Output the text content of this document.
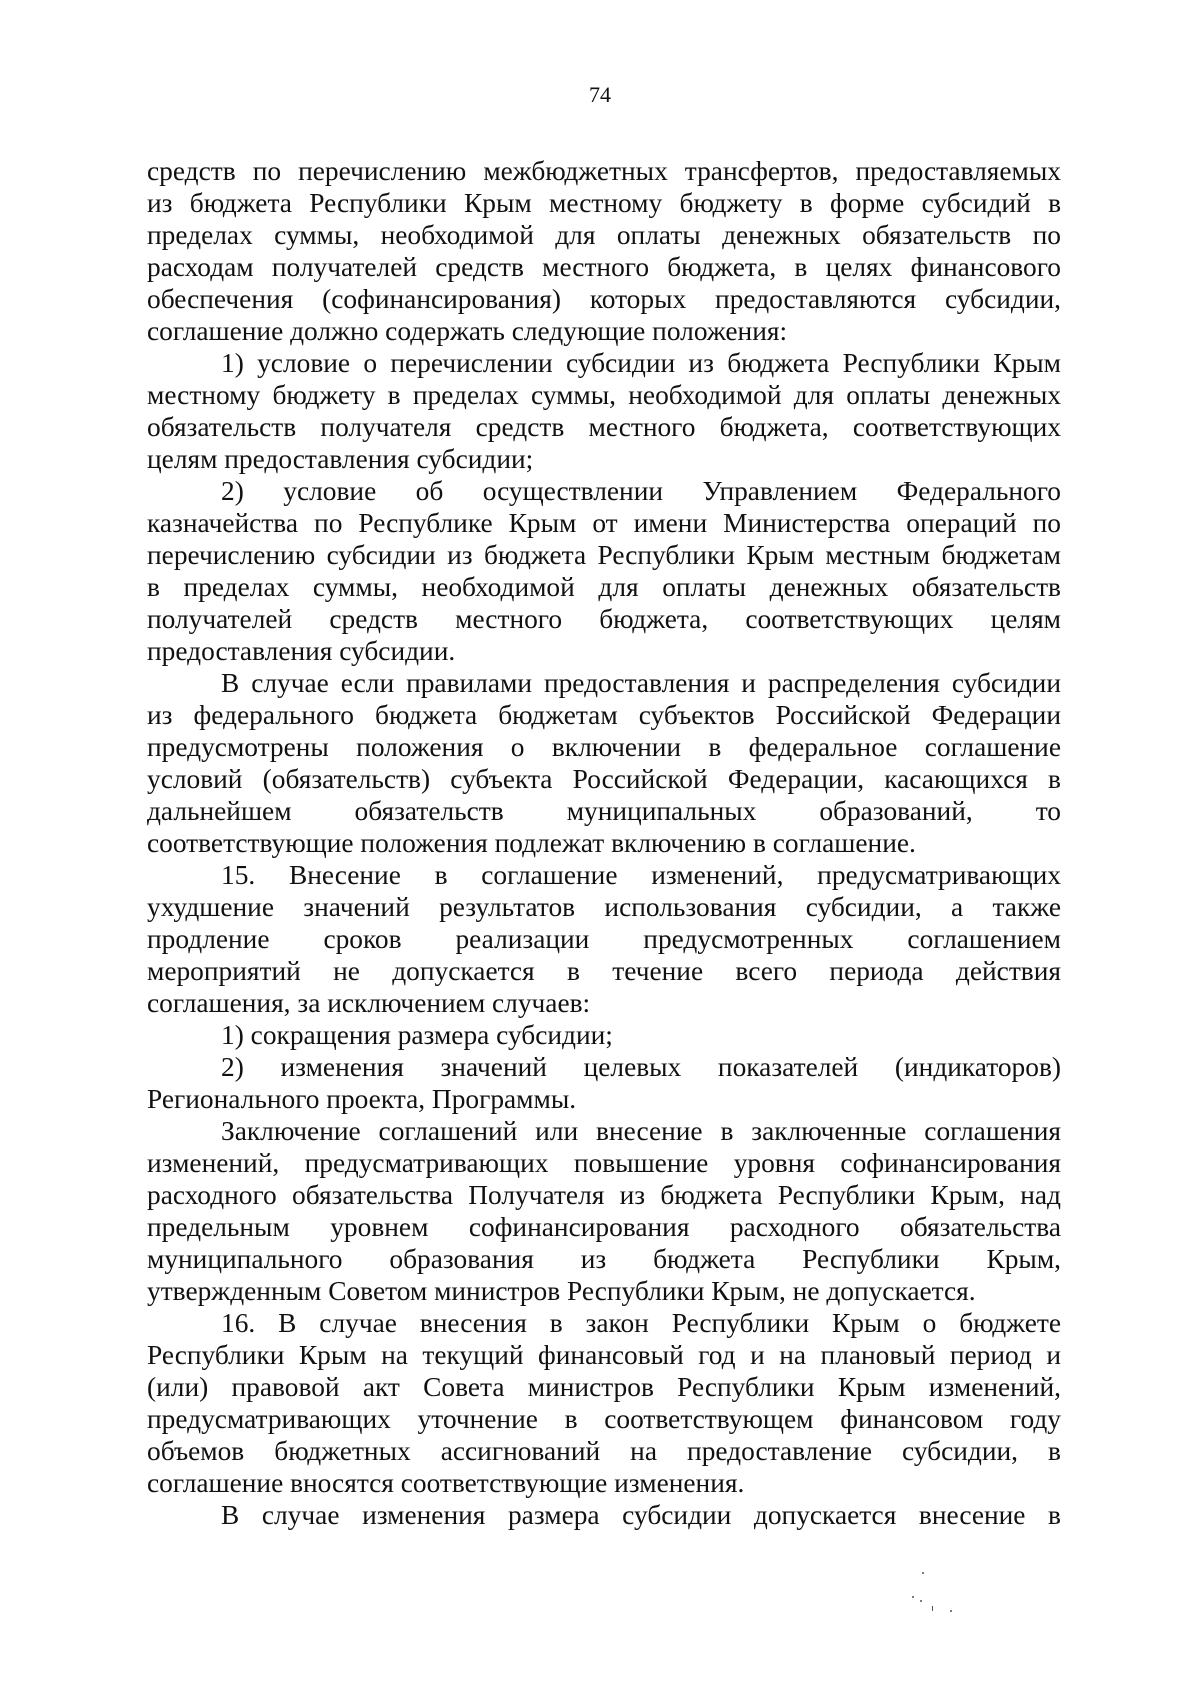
74
средств по перечислению межбюджетных трансфертов, предоставляемых
из бюджета Республики Крым местному бюджету в форме субсидий в
пределах суммы, необходимой для оплаты денежных обязательств по
расходам получателей средств местного бюджета, в целях финансового
обеспечения (софинансирования) которых предоставляются субсидии,
соглашение должно содержать следующие положения:
1) условие о перечислении субсидии из бюджета Республики Крым
местному бюджету в пределах суммы, необходимой для оплаты денежных
обязательств получателя средств местного бюджета, соответствующих
целям предоставления субсидии;
2) условие об осуществлении Управлением Федерального
казначейства по Республике Крым от имени Министерства операций по
перечислению субсидии из бюджета Республики Крым местным бюджетам
в пределах суммы, необходимой для оплаты денежных обязательств
получателей средств местного бюджета, соответствующих целям
предоставления субсидии.
В случае если правилами предоставления и распределения субсидии
из федерального бюджета бюджетам субъектов Российской Федерации
предусмотрены положения о включении в федеральное соглашение
условий (обязательств) субъекта Российской Федерации, касающихся в
дальнейшем обязательств муниципальных образований, то
соответствующие положения подлежат включению в соглашение.
15. Внесение в соглашение изменений, предусматривающих
ухудшение значений результатов использования субсидии, а также
продление сроков реализации предусмотренных соглашением
мероприятий не допускается в течение всего периода действия
соглашения, за исключением случаев:
1) сокращения размера субсидии;
2) изменения значений целевых показателей (индикаторов)
Регионального проекта, Программы.
Заключение соглашений или внесение в заключенные соглашения
изменений, предусматривающих повышение уровня софинансирования
расходного обязательства Получателя из бюджета Республики Крым, над
предельным уровнем софинансирования расходного обязательства
муниципального образования из бюджета Республики Крым,
утвержденным Советом министров Республики Крым, не допускается.
16. В случае внесения в закон Республики Крым о бюджете
Республики Крым на текущий финансовый год и на плановый период и
(или) правовой акт Совета министров Республики Крым изменений,
предусматривающих уточнение в соответствующем финансовом году
объемов бюджетных ассигнований на предоставление субсидии, в
соглашение вносятся соответствующие изменения.
В случае изменения размера субсидии допускается внесение в
